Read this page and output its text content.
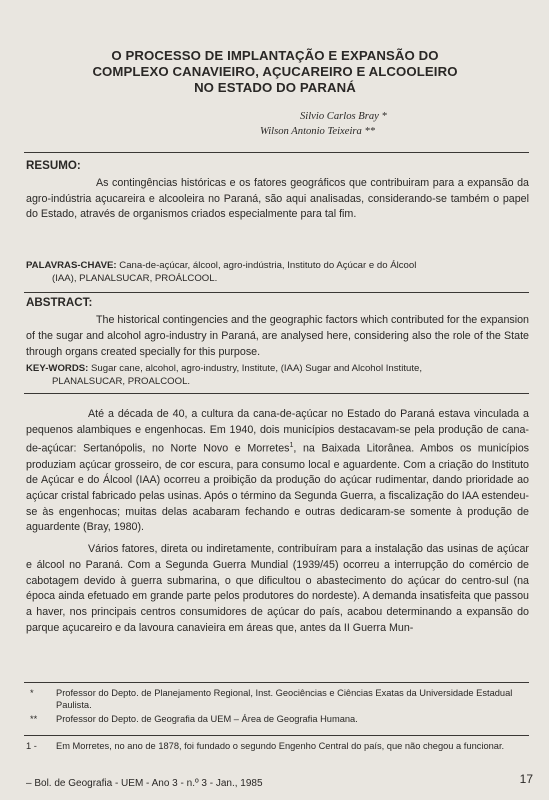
O PROCESSO DE IMPLANTAÇÃO E EXPANSÃO DO
COMPLEXO CANAVIEIRO, AÇUCAREIRO E ALCOOLEIRO
NO ESTADO DO PARANÁ
Silvio Carlos Bray *
Wilson Antonio Teixeira **
RESUMO:
As contingências históricas e os fatores geográficos que contribuiram para a expansão da agro-indústria açucareira e alcooleira no Paraná, são aqui analisadas, considerando-se também o papel do Estado, através de organismos criados especialmente para tal fim.
PALAVRAS-CHAVE: Cana-de-açúcar, álcool, agro-indústria, Instituto do Açúcar e do Álcool
(IAA), PLANALSUCAR, PROÁLCOOL.
ABSTRACT:
The historical contingencies and the geographic factors which contributed for the expansion of the sugar and alcohol agro-industry in Paraná, are analysed here, considering also the role of the State through organs created specially for this purpose.
KEY-WORDS: Sugar cane, alcohol, agro-industry, Institute, (IAA) Sugar and Alcohol Institute,
PLANALSUCAR, PROALCOOL.

Até a década de 40, a cultura da cana-de-açúcar no Estado do Paraná estava vinculada a pequenos alambiques e engenhocas. Em 1940, dois municípios destacavam-se pela produção de cana-de-açúcar: Sertanópolis, no Norte Novo e Morretes$^1$, na Baixada Litorânea. Ambos os municípios produziam açúcar grosseiro, de cor escura, para consumo local e aguardente. Com a criação do Instituto de Açúcar e do Álcool (IAA) ocorreu a proibição da produção do açúcar rudimentar, dando prioridade ao açúcar cristal fabricado pelas usinas. Após o término da Segunda Guerra, a fiscalização do IAA estendeu-se às engenhocas; muitas delas acabaram fechando e outras dedicaram-se somente à produção de aguardente (Bray, 1980).

Vários fatores, direta ou indiretamente, contribuíram para a instalação das usinas de açúcar e álcool no Paraná. Com a Segunda Guerra Mundial (1939/45) ocorreu a interrupção do comércio de cabotagem devido à guerra submarina, o que dificultou o abastecimento do açúcar do centro-sul (na época ainda efetuado em grande parte pelos produtores do nordeste). A demanda insatisfeita que passou a haver, nos principais centros consumidores de açúcar do país, acabou determinando a expansão do parque açucareiro e da lavoura canavieira em áreas que, antes da II Guerra Mun-

* Professor do Depto. de Planejamento Regional, Inst. Geociências e Ciências Exatas da Universidade Estadual Paulista.
** Professor do Depto. de Geografia da UEM – Área de Geografia Humana.
1 - Em Morretes, no ano de 1878, foi fundado o segundo Engenho Central do país, que não chegou a funcionar.
– Bol. de Geografia - UEM - Ano 3 - n.º 3 - Jan., 1985	17
